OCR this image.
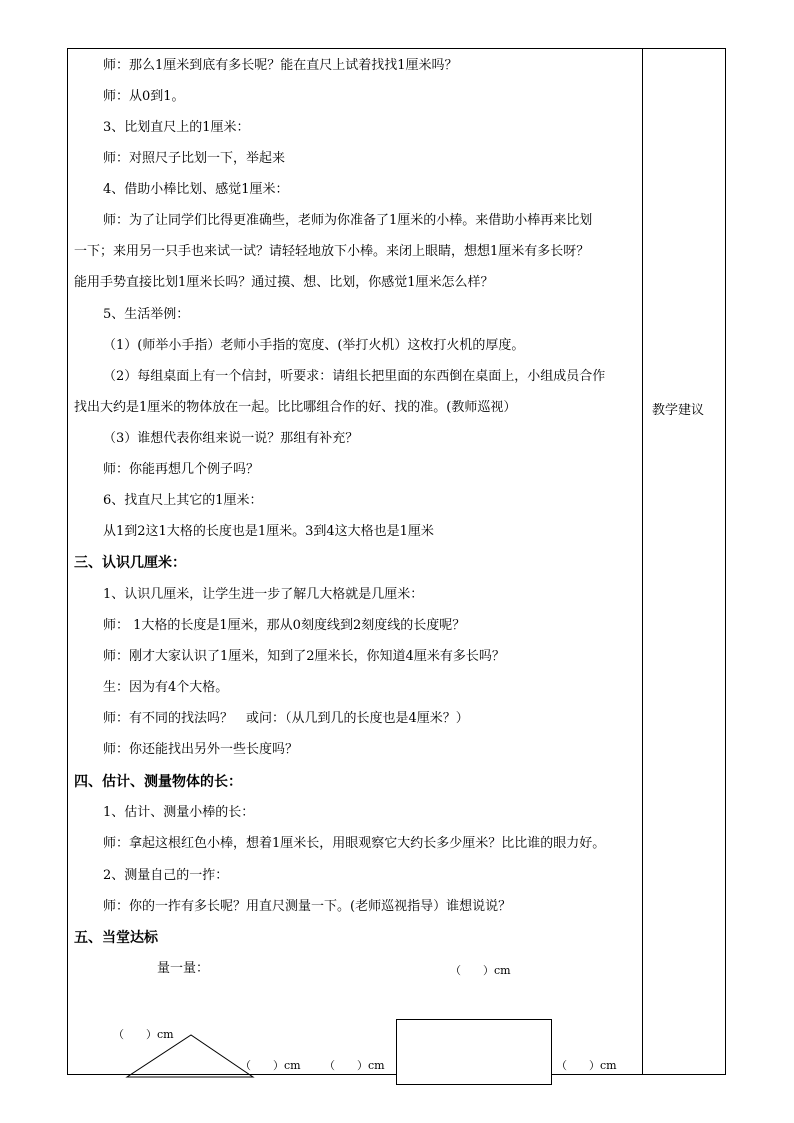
教学建议
师：那么1厘米到底有多长呢？能在直尺上试着找找1厘米吗？
师：从0到1。
3、比划直尺上的1厘米：
师：对照尺子比划一下，举起来
4、借助小棒比划、感觉1厘米：
师：为了让同学们比得更准确些，老师为你准备了1厘米的小棒。来借助小棒再来比划
一下；来用另一只手也来试一试？请轻轻地放下小棒。来闭上眼睛，想想1厘米有多长呀？
能用手势直接比划1厘米长吗？通过摸、想、比划，你感觉1厘米怎么样？
5、生活举例：
（1）(师举小手指）老师小手指的宽度、(举打火机）这枚打火机的厚度。
（2）每组桌面上有一个信封，听要求：请组长把里面的东西倒在桌面上，小组成员合作
找出大约是1厘米的物体放在一起。比比哪组合作的好、找的准。(教师巡视）
（3）谁想代表你组来说一说？那组有补充？
师：你能再想几个例子吗？
6、找直尺上其它的1厘米：
从1到2这1大格的长度也是1厘米。3到4这大格也是1厘米
三、认识几厘米：
1、认识几厘米，让学生进一步了解几大格就是几厘米：
师： 1大格的长度是1厘米，那从0刻度线到2刻度线的长度呢？
师：刚才大家认识了1厘米，知到了2厘米长，你知道4厘米有多长吗？
生：因为有4个大格。
师：有不同的找法吗？　或问：（从几到几的长度也是4厘米？）
师：你还能找出另外一些长度吗？
四、估计、测量物体的长：
1、估计、测量小棒的长：
师：拿起这根红色小棒，想着1厘米长，用眼观察它大约长多少厘米？比比谁的眼力好。
2、测量自己的一拃：
师：你的一拃有多长呢？用直尺测量一下。(老师巡视指导）谁想说说？
五、当堂达标
量一量：	（　　）cm
（　　）cm
（　　）cm （　　）cm	（　　）cm
